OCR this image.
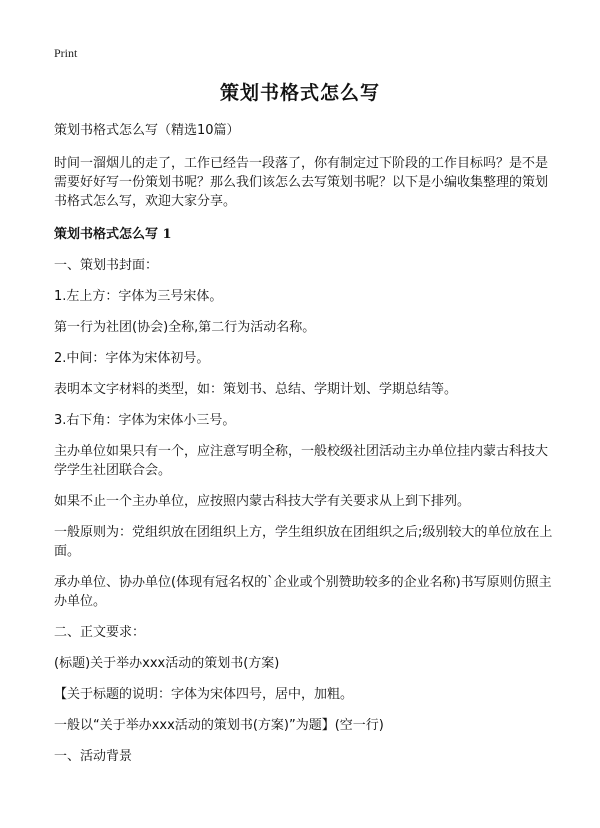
Print
策划书格式怎么写

策划书格式怎么写（精选10篇）

时间一溜烟儿的走了，工作已经告一段落了，你有制定过下阶段的工作目标吗？是不是需要好好写一份策划书呢？那么我们该怎么去写策划书呢？以下是小编收集整理的策划书格式怎么写，欢迎大家分享。

策划书格式怎么写 1

一、策划书封面：

1.左上方：字体为三号宋体。

第一行为社团(协会)全称,第二行为活动名称。

2.中间：字体为宋体初号。

表明本文字材料的类型，如：策划书、总结、学期计划、学期总结等。

3.右下角：字体为宋体小三号。

主办单位如果只有一个，应注意写明全称，一般校级社团活动主办单位挂内蒙古科技大学学生社团联合会。

如果不止一个主办单位，应按照内蒙古科技大学有关要求从上到下排列。

一般原则为：党组织放在团组织上方，学生组织放在团组织之后;级别较大的单位放在上面。

承办单位、协办单位(体现有冠名权的`企业或个别赞助较多的企业名称)书写原则仿照主办单位。

二、正文要求：

(标题)关于举办xxx活动的策划书(方案)

【关于标题的说明：字体为宋体四号，居中，加粗。

一般以“关于举办xxx活动的策划书(方案)”为题】(空一行)

一、活动背景
